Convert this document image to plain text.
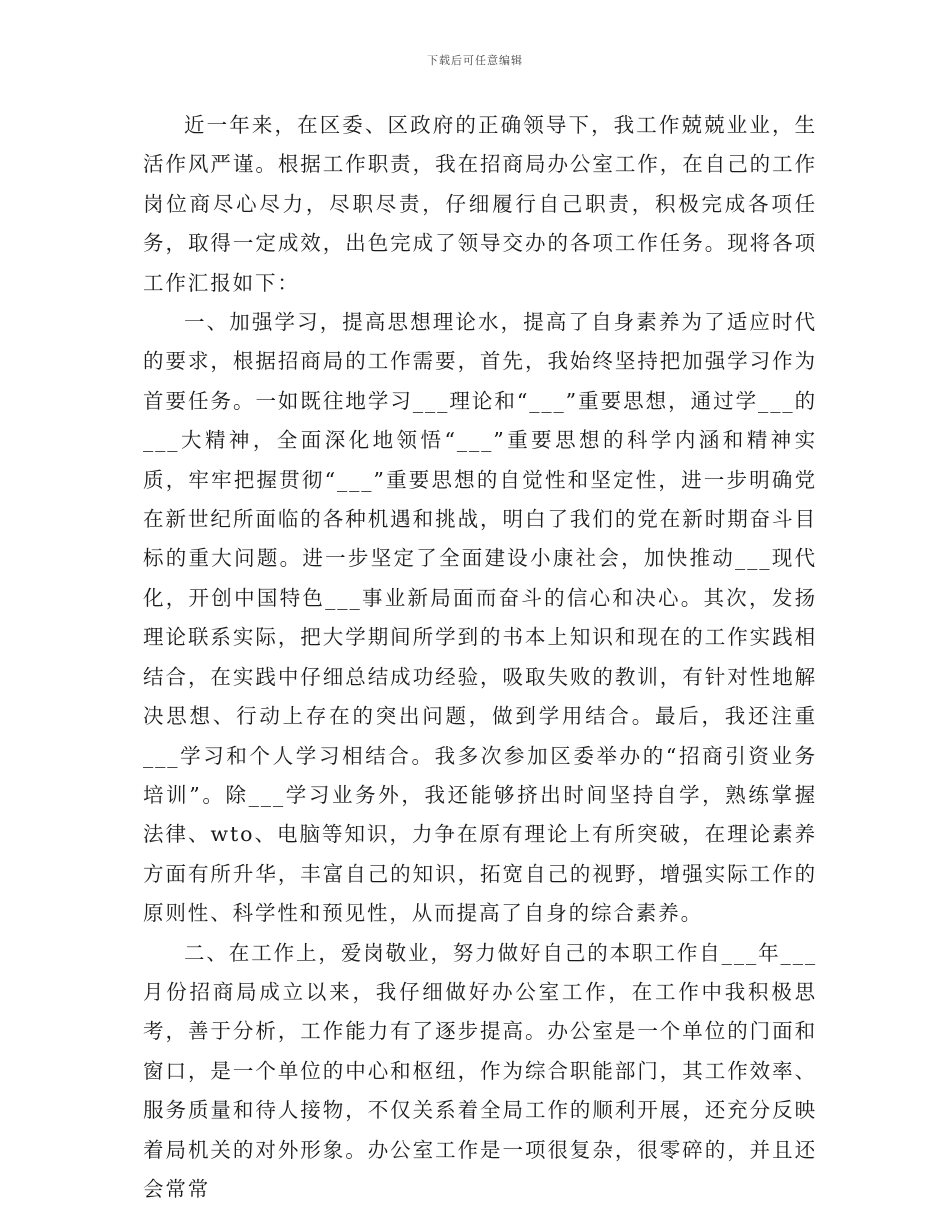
下载后可任意编辑

近一年来，在区委、区政府的正确领导下，我工作兢兢业业，生活作风严谨。根据工作职责，我在招商局办公室工作，在自己的工作岗位商尽心尽力，尽职尽责，仔细履行自己职责，积极完成各项任务，取得一定成效，出色完成了领导交办的各项工作任务。现将各项工作汇报如下：

一、加强学习，提高思想理论水，提高了自身素养为了适应时代的要求，根据招商局的工作需要，首先，我始终坚持把加强学习作为首要任务。一如既往地学习___理论和“___”重要思想，通过学___的___大精神，全面深化地领悟“___”重要思想的科学内涵和精神实质，牢牢把握贯彻“___”重要思想的自觉性和坚定性，进一步明确党在新世纪所面临的各种机遇和挑战，明白了我们的党在新时期奋斗目标的重大问题。进一步坚定了全面建设小康社会，加快推动___现代化，开创中国特色___事业新局面而奋斗的信心和决心。其次，发扬理论联系实际，把大学期间所学到的书本上知识和现在的工作实践相结合，在实践中仔细总结成功经验，吸取失败的教训，有针对性地解决思想、行动上存在的突出问题，做到学用结合。最后，我还注重___学习和个人学习相结合。我多次参加区委举办的“招商引资业务培训”。除___学习业务外，我还能够挤出时间坚持自学，熟练掌握法律、wto、电脑等知识，力争在原有理论上有所突破，在理论素养方面有所升华，丰富自己的知识，拓宽自己的视野，增强实际工作的原则性、科学性和预见性，从而提高了自身的综合素养。

二、在工作上，爱岗敬业，努力做好自己的本职工作自___年___月份招商局成立以来，我仔细做好办公室工作，在工作中我积极思考，善于分析，工作能力有了逐步提高。办公室是一个单位的门面和窗口，是一个单位的中心和枢纽，作为综合职能部门，其工作效率、服务质量和待人接物，不仅关系着全局工作的顺利开展，还充分反映着局机关的对外形象。办公室工作是一项很复杂，很零碎的，并且还会常常
